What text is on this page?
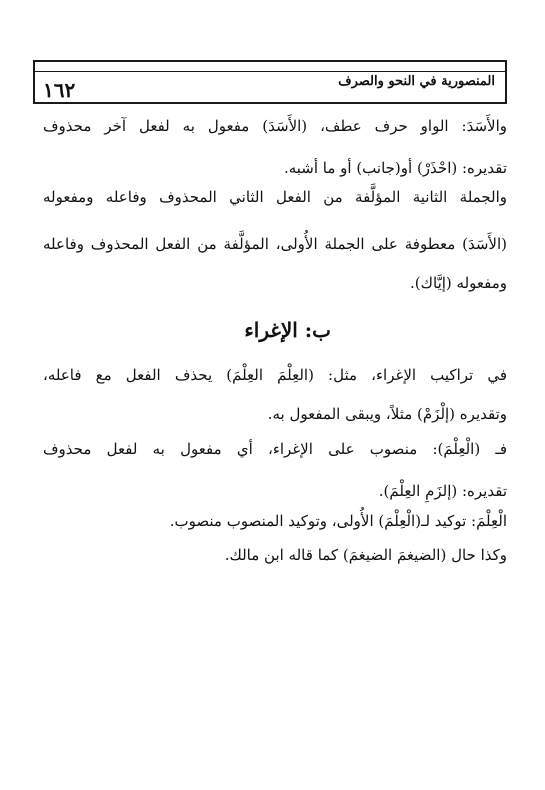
١٦٢	المنصورية في النحو والصرف
والأَسَدَ: الواو حرف عطف، (الأَسَدَ) مفعول به لفعل آخر محذوف
تقديره: (احْذَرْ) أو(جانب) أو ما أشبه.
والجملة الثانية المؤلَّفة من الفعل الثاني المحذوف وفاعله ومفعوله
(الأَسَدَ) معطوفة على الجملة الأُولى، المؤلَّفة من الفعل المحذوف وفاعله
ومفعوله (إيَّاك).
ب: الإغراء
في تراكيب الإغراء، مثل: (العِلْمَ العِلْمَ) يحذف الفعل مع فاعله،
وتقديره (إلْزَمْ) مثلاً، ويبقى المفعول به.
فـ (الْعِلْمَ): منصوب على الإغراء، أي مفعول به لفعل محذوف
تقديره: (إلزَمِ العِلْمَ).
الْعِلْمَ: توكيد لـ(الْعِلْمَ) الأُولى، وتوكيد المنصوب منصوب.
وكذا حال (الضيغمَ الضيغمَ) كما قاله ابن مالك.
